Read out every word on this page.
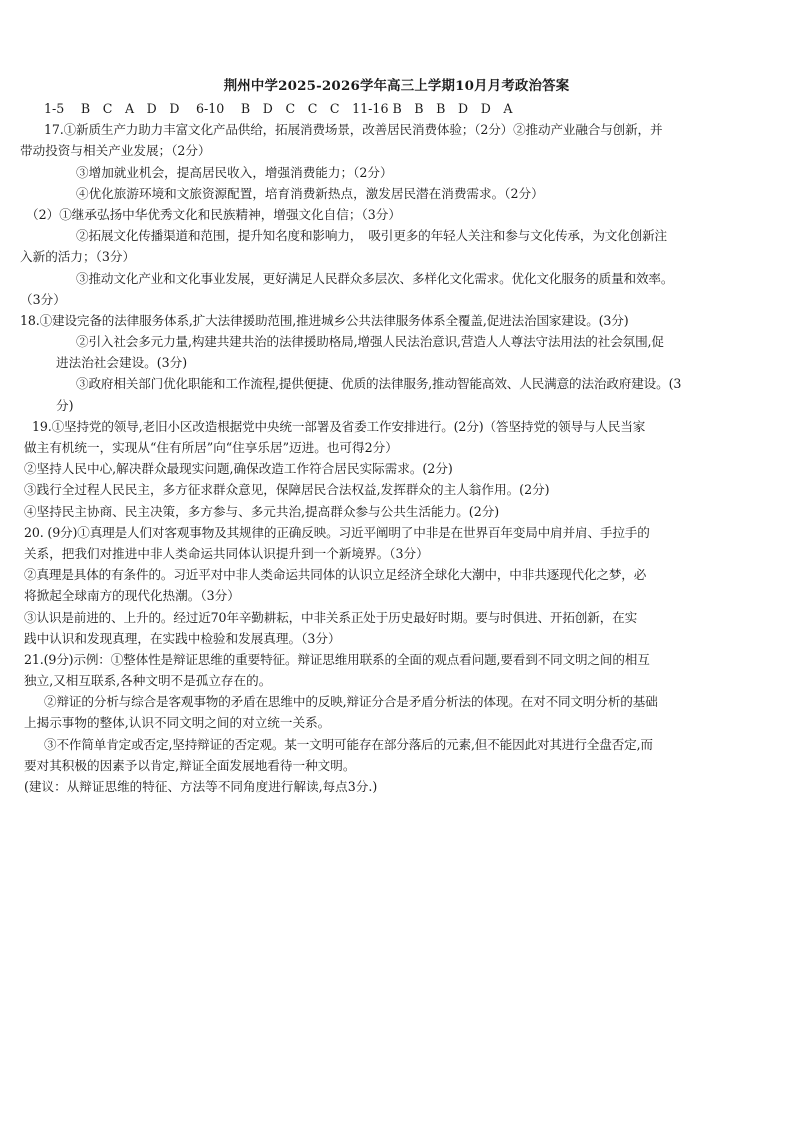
荆州中学2025-2026学年高三上学期10月月考政治答案
1-5　 B　C　A　D　D　 6-10　 B　D　C　C　C　11-16 B　B　B　D　D　A
17.①新质生产力助力丰富文化产品供给，拓展消费场景，改善居民消费体验；（2分）②推动产业融合与创新，并
带动投资与相关产业发展；（2分）
③增加就业机会，提高居民收入，增强消费能力；（2分）
④优化旅游环境和文旅资源配置，培育消费新热点，激发居民潜在消费需求。（2分）
（2）①继承弘扬中华优秀文化和民族精神，增强文化自信；（3分）
②拓展文化传播渠道和范围，提升知名度和影响力，　吸引更多的年轻人关注和参与文化传承，为文化创新注
入新的活力；（3分）
③推动文化产业和文化事业发展，更好满足人民群众多层次、多样化文化需求。优化文化服务的质量和效率。
（3分）
18.①建设完备的法律服务体系,扩大法律援助范围,推进城乡公共法律服务体系全覆盖,促进法治国家建设。(3分)
②引入社会多元力量,构建共建共治的法律援助格局,增强人民法治意识,营造人人尊法守法用法的社会氛围,促
进法治社会建设。(3分)
③政府相关部门优化职能和工作流程,提供便捷、优质的法律服务,推动智能高效、人民满意的法治政府建设。(3
分)
19.①坚持党的领导,老旧小区改造根据党中央统一部署及省委工作安排进行。(2分)（答坚持党的领导与人民当家
做主有机统一，实现从“住有所居”向“住享乐居”迈进。也可得2分）
②坚持人民中心,解决群众最现实问题,确保改造工作符合居民实际需求。(2分)
③践行全过程人民民主，多方征求群众意见，保障居民合法权益,发挥群众的主人翁作用。(2分)
④坚持民主协商、民主决策，多方参与、多元共治,提高群众参与公共生活能力。(2分)
20. (9分)①真理是人们对客观事物及其规律的正确反映。习近平阐明了中非是在世界百年变局中肩并肩、手拉手的
关系，把我们对推进中非人类命运共同体认识提升到一个新境界。（3分）
②真理是具体的有条件的。习近平对中非人类命运共同体的认识立足经济全球化大潮中，中非共逐现代化之梦，必
将掀起全球南方的现代化热潮。（3分）
③认识是前进的、上升的。经过近70年辛勤耕耘，中非关系正处于历史最好时期。要与时俱进、开拓创新，在实
践中认识和发现真理，在实践中检验和发展真理。（3分）
21.(9分)示例：①整体性是辩证思维的重要特征。辩证思维用联系的全面的观点看问题,要看到不同文明之间的相互
独立,又相互联系,各种文明不是孤立存在的。
②辩证的分析与综合是客观事物的矛盾在思维中的反映,辩证分合是矛盾分析法的体现。在对不同文明分析的基础
上揭示事物的整体,认识不同文明之间的对立统一关系。
③不作简单肯定或否定,坚持辩证的否定观。某一文明可能存在部分落后的元素,但不能因此对其进行全盘否定,而
要对其积极的因素予以肯定,辩证全面发展地看待一种文明。
(建议：从辩证思维的特征、方法等不同角度进行解读,每点3分.)
